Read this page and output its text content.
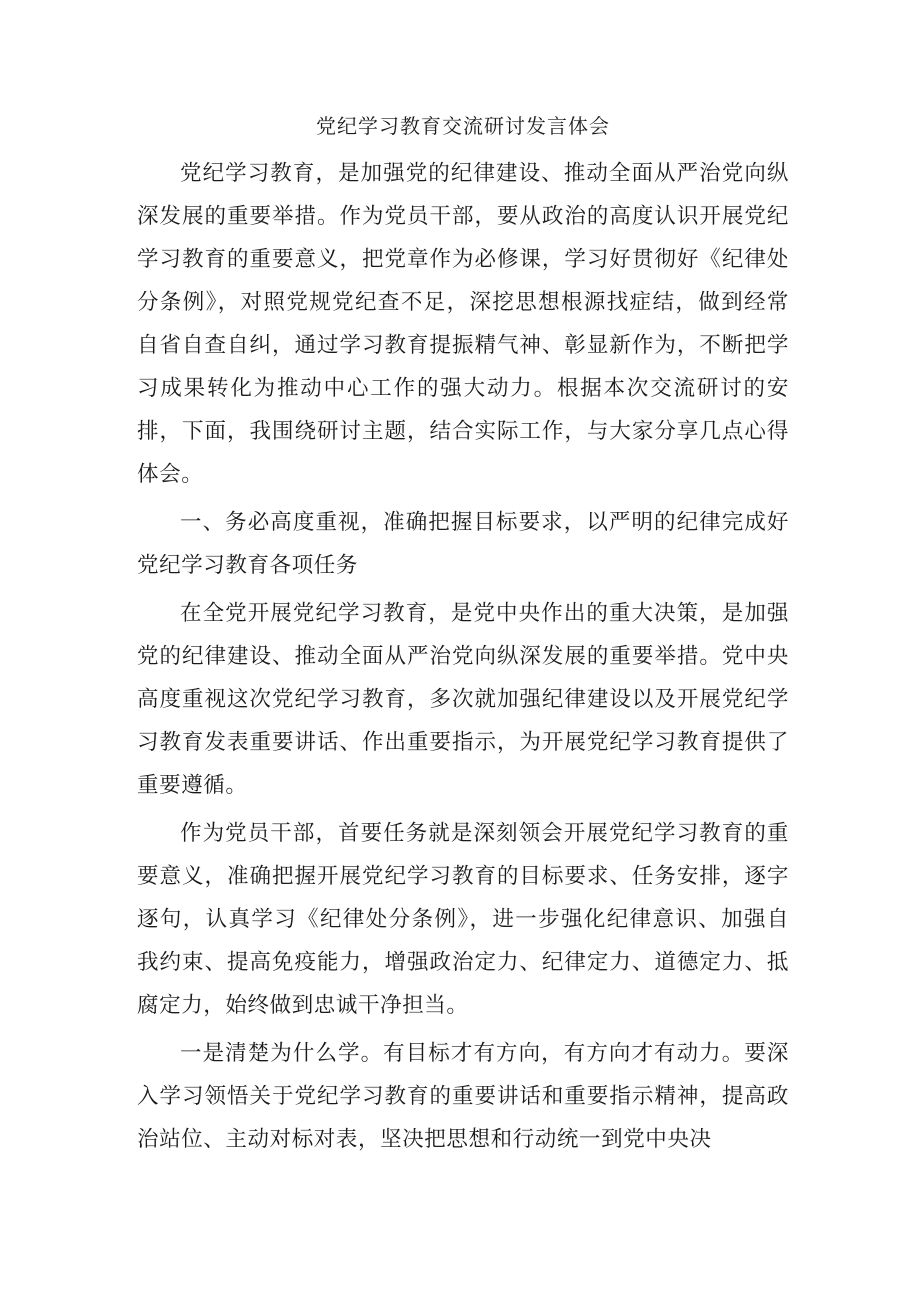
党纪学习教育交流研讨发言体会

党纪学习教育，是加强党的纪律建设、推动全面从严治党向纵深发展的重要举措。作为党员干部，要从政治的高度认识开展党纪学习教育的重要意义，把党章作为必修课，学习好贯彻好《纪律处分条例》，对照党规党纪查不足，深挖思想根源找症结，做到经常自省自查自纠，通过学习教育提振精气神、彰显新作为，不断把学习成果转化为推动中心工作的强大动力。根据本次交流研讨的安排，下面，我围绕研讨主题，结合实际工作，与大家分享几点心得体会。

一、务必高度重视，准确把握目标要求，以严明的纪律完成好党纪学习教育各项任务

在全党开展党纪学习教育，是党中央作出的重大决策，是加强党的纪律建设、推动全面从严治党向纵深发展的重要举措。党中央高度重视这次党纪学习教育，多次就加强纪律建设以及开展党纪学习教育发表重要讲话、作出重要指示，为开展党纪学习教育提供了重要遵循。

作为党员干部，首要任务就是深刻领会开展党纪学习教育的重要意义，准确把握开展党纪学习教育的目标要求、任务安排，逐字逐句，认真学习《纪律处分条例》，进一步强化纪律意识、加强自我约束、提高免疫能力，增强政治定力、纪律定力、道德定力、抵腐定力，始终做到忠诚干净担当。

一是清楚为什么学。有目标才有方向，有方向才有动力。要深入学习领悟关于党纪学习教育的重要讲话和重要指示精神，提高政治站位、主动对标对表，坚决把思想和行动统一到党中央决
